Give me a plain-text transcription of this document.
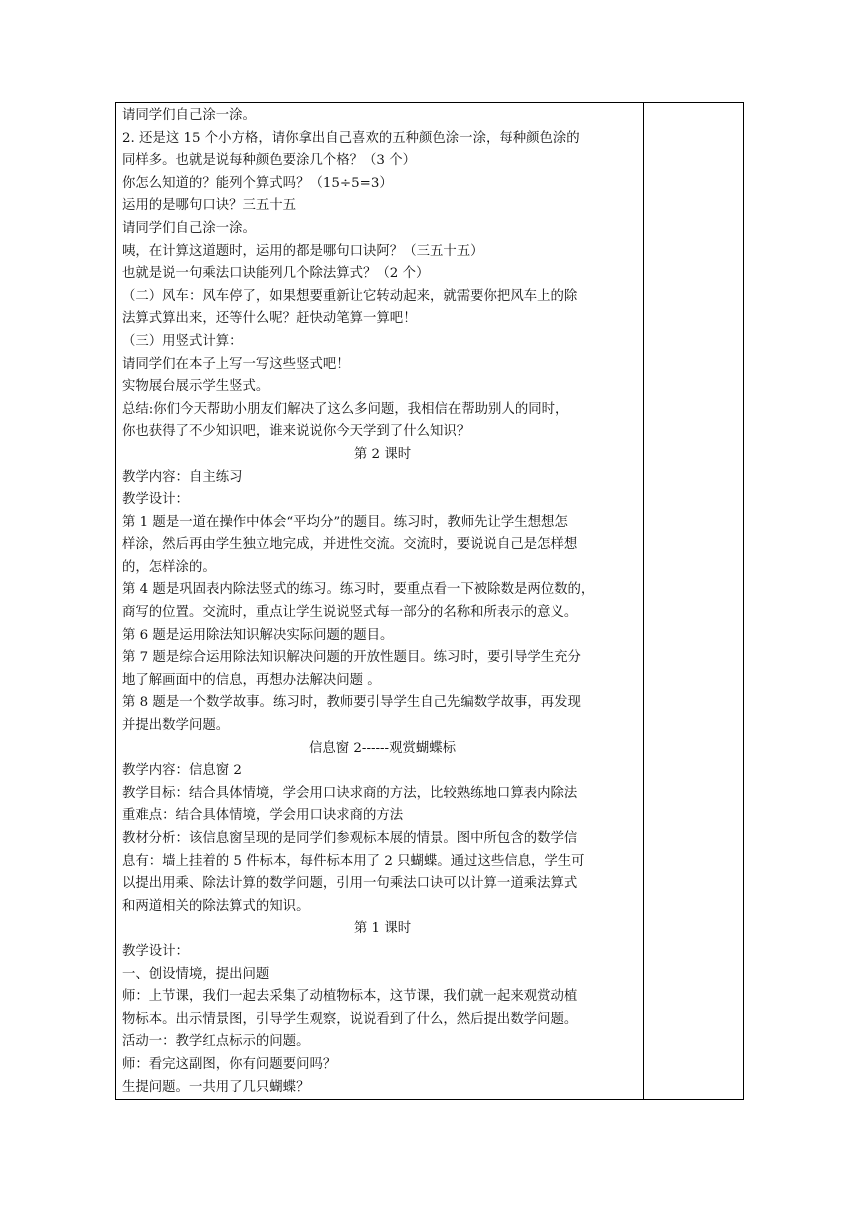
请同学们自己涂一涂。
2. 还是这 15 个小方格，请你拿出自己喜欢的五种颜色涂一涂，每种颜色涂的
同样多。也就是说每种颜色要涂几个格？（3 个）
你怎么知道的？能列个算式吗？（15÷5=3）
运用的是哪句口诀？三五十五
请同学们自己涂一涂。
咦，在计算这道题时，运用的都是哪句口诀阿？（三五十五）
也就是说一句乘法口诀能列几个除法算式？（2 个）
（二）风车：风车停了，如果想要重新让它转动起来，就需要你把风车上的除
法算式算出来，还等什么呢？赶快动笔算一算吧！
（三）用竖式计算：
请同学们在本子上写一写这些竖式吧！
实物展台展示学生竖式。
总结:你们今天帮助小朋友们解决了这么多问题，我相信在帮助别人的同时，
你也获得了不少知识吧，谁来说说你今天学到了什么知识？
第 2 课时
教学内容：自主练习
教学设计：
第 1 题是一道在操作中体会“平均分”的题目。练习时，教师先让学生想想怎
样涂，然后再由学生独立地完成，并进性交流。交流时，要说说自己是怎样想
的，怎样涂的。
第 4 题是巩固表内除法竖式的练习。练习时，要重点看一下被除数是两位数的，
商写的位置。交流时，重点让学生说说竖式每一部分的名称和所表示的意义。
第 6 题是运用除法知识解决实际问题的题目。
第 7 题是综合运用除法知识解决问题的开放性题目。练习时，要引导学生充分
地了解画面中的信息，再想办法解决问题 。
第 8 题是一个数学故事。练习时，教师要引导学生自己先编数学故事，再发现
并提出数学问题。
信息窗 2------观赏蝴蝶标
教学内容：信息窗 2
教学目标：结合具体情境，学会用口诀求商的方法，比较熟练地口算表内除法
重难点：结合具体情境，学会用口诀求商的方法
教材分析：该信息窗呈现的是同学们参观标本展的情景。图中所包含的数学信
息有：墙上挂着的 5 件标本，每件标本用了 2 只蝴蝶。通过这些信息，学生可
以提出用乘、除法计算的数学问题，引用一句乘法口诀可以计算一道乘法算式
和两道相关的除法算式的知识。
第 1 课时
教学设计：
一、创设情境，提出问题
师：上节课，我们一起去采集了动植物标本，这节课，我们就一起来观赏动植
物标本。出示情景图，引导学生观察，说说看到了什么，然后提出数学问题。
活动一：教学红点标示的问题。
师：看完这副图，你有问题要问吗？
生提问题。一共用了几只蝴蝶？
